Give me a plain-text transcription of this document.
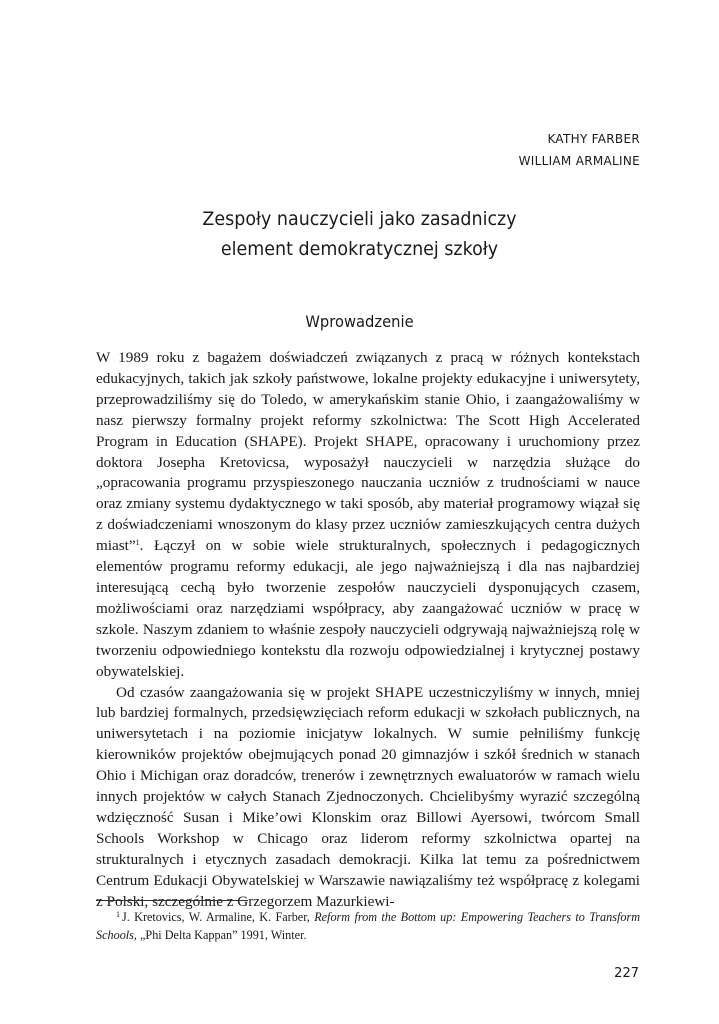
KATHY FARBER
WILLIAM ARMALINE
Zespoły nauczycieli jako zasadniczy
element demokratycznej szkoły
Wprowadzenie

W 1989 roku z bagażem doświadczeń związanych z pracą w różnych kontekstach edukacyjnych, takich jak szkoły państwowe, lokalne projekty edukacyjne i uniwersytety, przeprowadziliśmy się do Toledo, w amerykańskim stanie Ohio, i zaangażowaliśmy w nasz pierwszy formalny projekt reformy szkolnictwa: The Scott High Accelerated Program in Education (SHAPE). Projekt SHAPE, opracowany i uruchomiony przez doktora Josepha Kretovicsa, wyposażył nauczycieli w narzędzia służące do „opracowania programu przyspieszonego nauczania uczniów z trudnościami w nauce oraz zmiany systemu dydaktycznego w taki sposób, aby materiał programowy wiązał się z doświadczeniami wnoszonym do klasy przez uczniów zamieszkujących centra dużych miast”$^1$. Łączył on w sobie wiele strukturalnych, społecznych i pedagogicznych elementów programu reformy edukacji, ale jego najważniejszą i dla nas najbardziej interesującą cechą było tworzenie zespołów nauczycieli dysponujących czasem, możliwościami oraz narzędziami współpracy, aby zaangażować uczniów w pracę w szkole. Naszym zdaniem to właśnie zespoły nauczycieli odgrywają najważniejszą rolę w tworzeniu odpowiedniego kontekstu dla rozwoju odpowiedzialnej i krytycznej postawy obywatelskiej.

Od czasów zaangażowania się w projekt SHAPE uczestniczyliśmy w innych, mniej lub bardziej formalnych, przedsięwzięciach reform edukacji w szkołach publicznych, na uniwersytetach i na poziomie inicjatyw lokalnych. W sumie pełniliśmy funkcję kierowników projektów obejmujących ponad 20 gimnazjów i szkół średnich w stanach Ohio i Michigan oraz doradców, trenerów i zewnętrznych ewaluatorów w ramach wielu innych projektów w całych Stanach Zjednoczonych. Chcielibyśmy wyrazić szczególną wdzięczność Susan i Mike’owi Klonskim oraz Billowi Ayersowi, twórcom Small Schools Workshop w Chicago oraz liderom reformy szkolnictwa opartej na strukturalnych i etycznych zasadach demokracji. Kilka lat temu za pośrednictwem Centrum Edukacji Obywatelskiej w Warszawie nawiązaliśmy też współpracę z kolegami z Polski, szczególnie z Grzegorzem Mazurkiewi-

$^1$ J. Kretovics, W. Armaline, K. Farber, Reform from the Bottom up: Empowering Teachers to Transform Schools, „Phi Delta Kappan” 1991, Winter.
227
